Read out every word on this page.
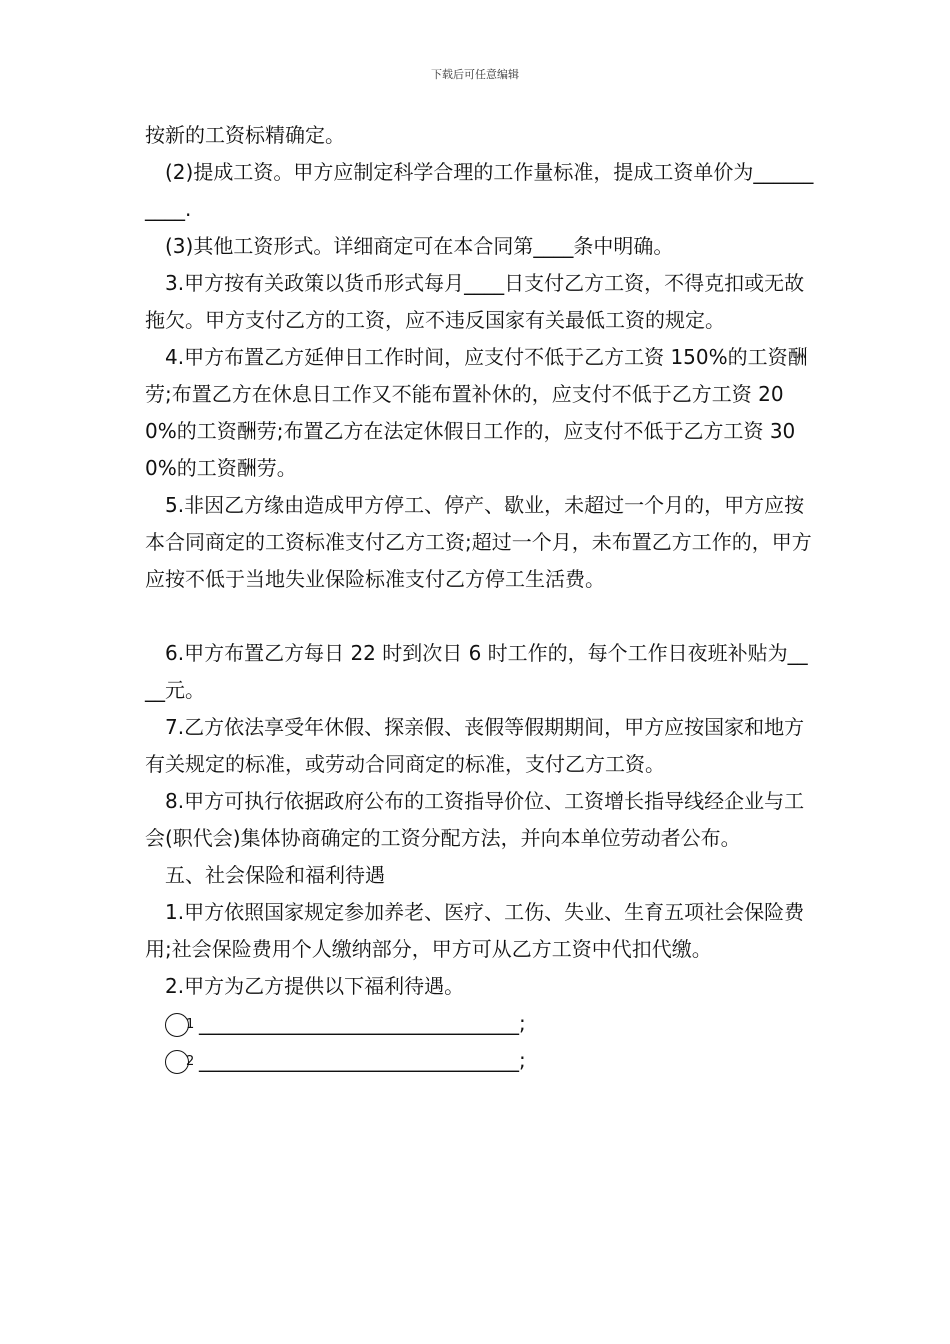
下载后可任意编辑

按新的工资标精确定。

(2)提成工资。甲方应制定科学合理的工作量标准，提成工资单价为__________.

(3)其他工资形式。详细商定可在本合同第____条中明确。

3.甲方按有关政策以货币形式每月____日支付乙方工资，不得克扣或无故拖欠。甲方支付乙方的工资，应不违反国家有关最低工资的规定。

4.甲方布置乙方延伸日工作时间，应支付不低于乙方工资 150%的工资酬劳;布置乙方在休息日工作又不能布置补休的，应支付不低于乙方工资 200%的工资酬劳;布置乙方在法定休假日工作的，应支付不低于乙方工资 300%的工资酬劳。

5.非因乙方缘由造成甲方停工、停产、歇业，未超过一个月的，甲方应按本合同商定的工资标准支付乙方工资;超过一个月，未布置乙方工作的，甲方应按不低于当地失业保险标准支付乙方停工生活费。

6.甲方布置乙方每日 22 时到次日 6 时工作的，每个工作日夜班补贴为____元。

7.乙方依法享受年休假、探亲假、丧假等假期期间，甲方应按国家和地方有关规定的标准，或劳动合同商定的标准，支付乙方工资。

8.甲方可执行依据政府公布的工资指导价位、工资增长指导线经企业与工会(职代会)集体协商确定的工资分配方法，并向本单位劳动者公布。

五、社会保险和福利待遇

1.甲方依照国家规定参加养老、医疗、工伤、失业、生育五项社会保险费用;社会保险费用个人缴纳部分，甲方可从乙方工资中代扣代缴。

2.甲方为乙方提供以下福利待遇。

1 ________________________________;

2 ________________________________;
